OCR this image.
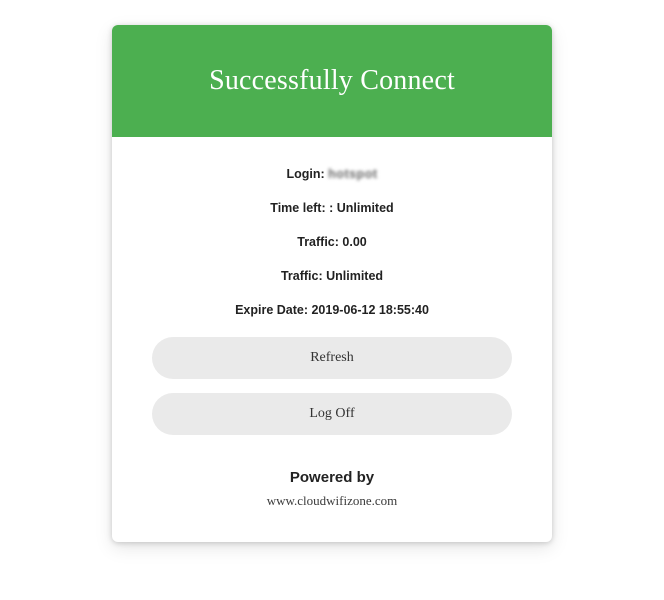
Successfully Connect

Login: hotspot

Time left: : Unlimited

Traffic: 0.00

Traffic: Unlimited

Expire Date: 2019-06-12 18:55:40

Refresh
Log Off

Powered by

www.cloudwifizone.com
